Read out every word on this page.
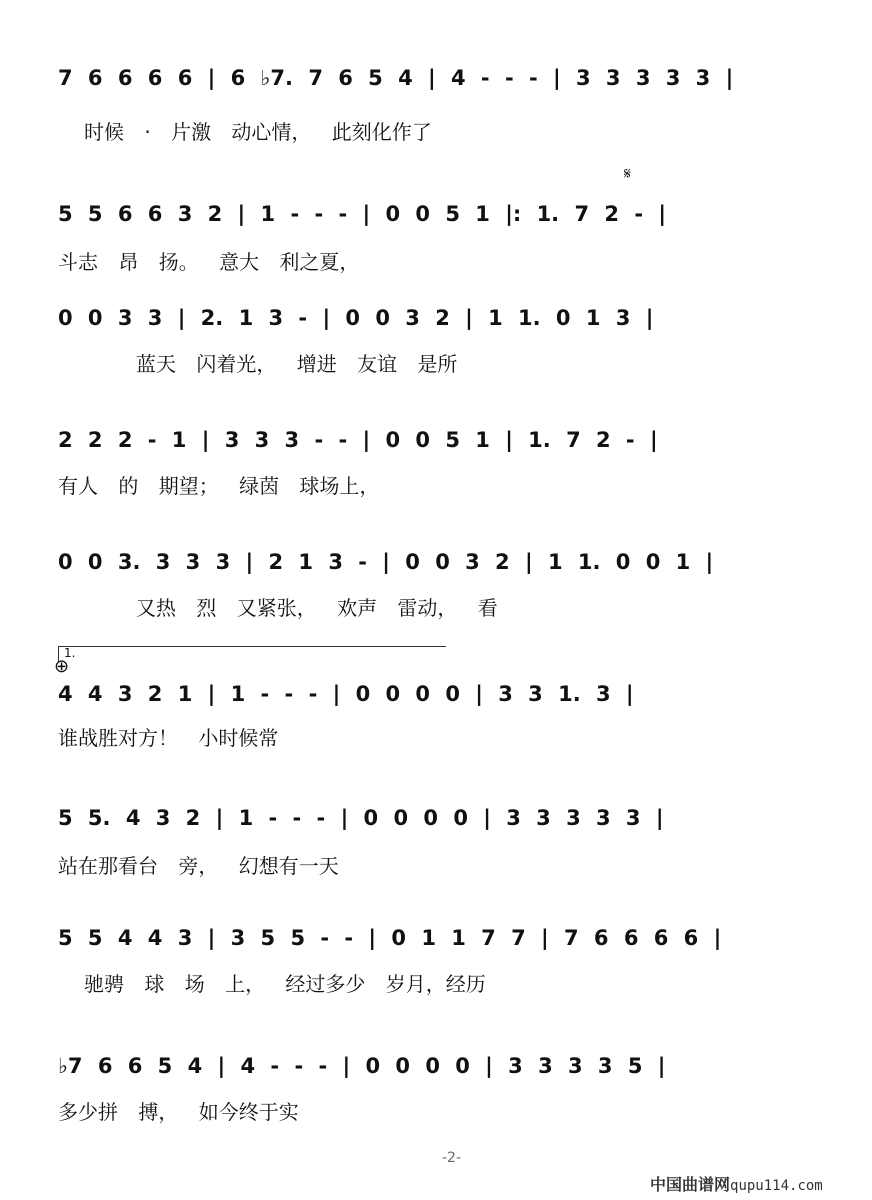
7 6 6 6 6 | 6 ♭7. 7 6 5 4 | 4 - - - | 3 3 3 3 3 |
时候 · 片激 动心情， 此刻化作了
𝄋
5 5 6 6 3 2 | 1 - - - | 0 0 5 1 |: 1. 7 2 - |
斗志 昂 扬。 意大 利之夏，
0 0 3 3 | 2. 1 3 - | 0 0 3 2 | 1 1. 0 1 3 |
蓝天 闪着光， 增进 友谊 是所
2 2 2 - 1 | 3 3 3 - - | 0 0 5 1 | 1. 7 2 - |
有人 的 期望； 绿茵 球场上，
0 0 3. 3 3 3 | 2 1 3 - | 0 0 3 2 | 1 1. 0 0 1 |
又热 烈 又紧张， 欢声 雷动， 看
1.
⊕
4 4 3 2 1 | 1 - - - | 0 0 0 0 | 3 3 1. 3 |
谁战胜对方！ 小时候常
5 5. 4 3 2 | 1 - - - | 0 0 0 0 | 3 3 3 3 3 |
站在那看台 旁， 幻想有一天
5 5 4 4 3 | 3 5 5 - - | 0 1 1 7 7 | 7 6 6 6 6 |
驰骋 球 场 上， 经过多少 岁月，经历
♭7 6 6 5 4 | 4 - - - | 0 0 0 0 | 3 3 3 3 5 |
多少拼 搏， 如今终于实
-2-
中国曲谱网qupu114.com
